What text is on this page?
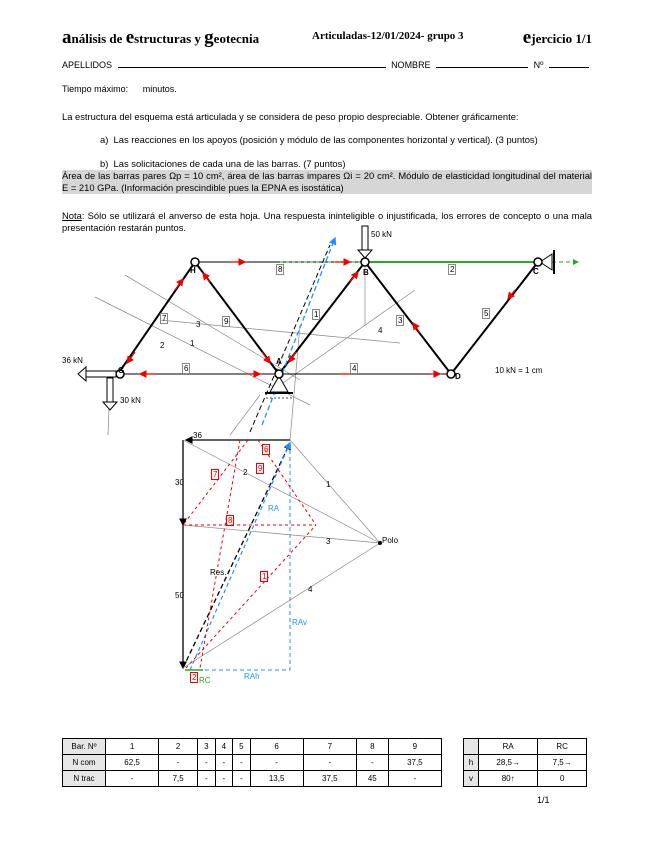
análisis de estructuras y geotecnia	Articuladas-12/01/2024- grupo 3	ejercicio 1/1
APELLIDOS	NOMBRE	Nº
Tiempo máximo: minutos.
La estructura del esquema está articulada y se considera de peso propio despreciable. Obtener gráficamente:
a)  Las reacciones en los apoyos (posición y módulo de las componentes horizontal y vertical). (3 puntos)
b)  Las solicitaciones de cada una de las barras. (7 puntos)
Área de las barras pares Ωp = 10 cm², área de las barras impares Ωi = 20 cm². Módulo de elasticidad longitudinal del material E = 210 GPa. (Información prescindible pues la EPNA es isostática)
Nota: Sólo se utilizará el anverso de esta hoja. Una respuesta ininteligible o injustificada, los errores de concepto o una mala presentación restarán puntos.
50 kN
36 kN
30 kN
10 kN = 1 cm
H	B	C
G
A
D
8	2
7	9
1
3
5
6	4
3
2	1
4
36
30
50
Polo
Res.
RA
RAv
RAh
RC
6
9
7
8
1
2
2
1
3
4
Bar. Nº	1	2	3	4	5	6	7	8	9
N com	62,5	-	-	-	-	-	-	-	37,5
N trac	-	7,5	-	-	-	13,5	37,5	45	-
	RA	RC
h	28,5→	7,5→
v	80↑	0
1/1
